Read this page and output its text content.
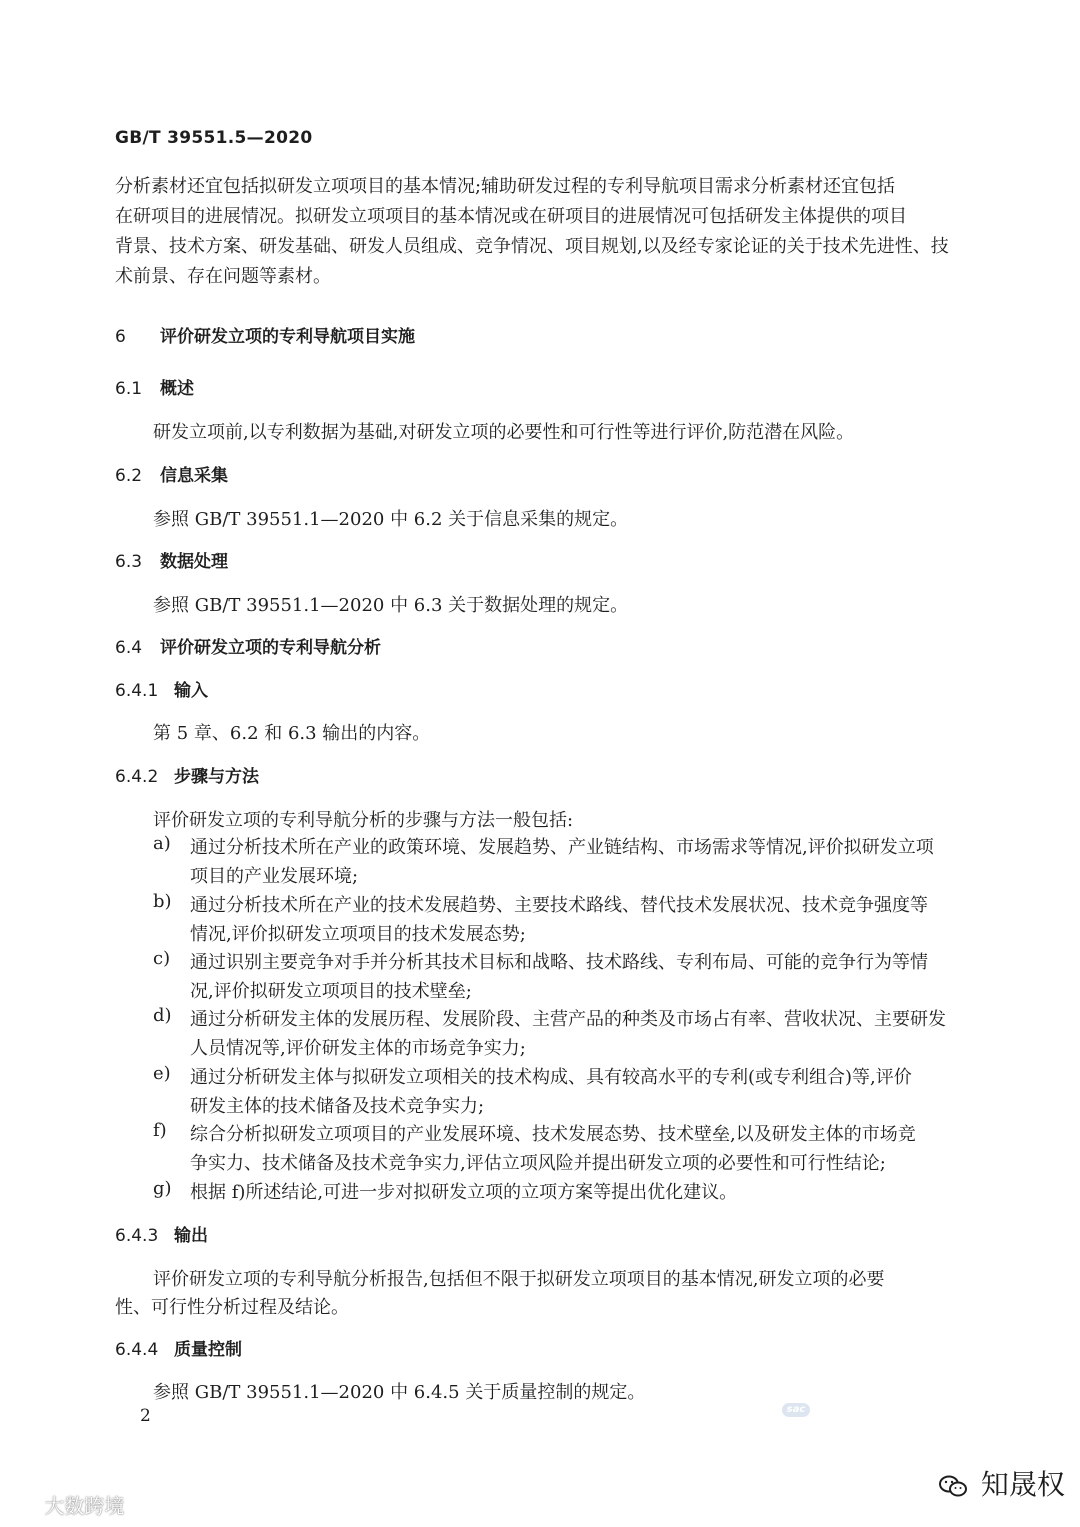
GB/T 39551.5—2020
分析素材还宜包括拟研发立项项目的基本情况;辅助研发过程的专利导航项目需求分析素材还宜包括
在研项目的进展情况。拟研发立项项目的基本情况或在研项目的进展情况可包括研发主体提供的项目
背景、技术方案、研发基础、研发人员组成、竞争情况、项目规划,以及经专家论证的关于技术先进性、技
术前景、存在问题等素材。
6 评价研发立项的专利导航项目实施
6.1 概述
研发立项前,以专利数据为基础,对研发立项的必要性和可行性等进行评价,防范潜在风险。
6.2 信息采集
参照 GB/T 39551.1—2020 中 6.2 关于信息采集的规定。
6.3 数据处理
参照 GB/T 39551.1—2020 中 6.3 关于数据处理的规定。
6.4 评价研发立项的专利导航分析
6.4.1 输入
第 5 章、6.2 和 6.3 输出的内容。
6.4.2 步骤与方法
评价研发立项的专利导航分析的步骤与方法一般包括:
a) 通过分析技术所在产业的政策环境、发展趋势、产业链结构、市场需求等情况,评价拟研发立项
项目的产业发展环境;
b) 通过分析技术所在产业的技术发展趋势、主要技术路线、替代技术发展状况、技术竞争强度等
情况,评价拟研发立项项目的技术发展态势;
c) 通过识别主要竞争对手并分析其技术目标和战略、技术路线、专利布局、可能的竞争行为等情
况,评价拟研发立项项目的技术壁垒;
d) 通过分析研发主体的发展历程、发展阶段、主营产品的种类及市场占有率、营收状况、主要研发
人员情况等,评价研发主体的市场竞争实力;
e) 通过分析研发主体与拟研发立项相关的技术构成、具有较高水平的专利(或专利组合)等,评价
研发主体的技术储备及技术竞争实力;
f) 综合分析拟研发立项项目的产业发展环境、技术发展态势、技术壁垒,以及研发主体的市场竞
争实力、技术储备及技术竞争实力,评估立项风险并提出研发立项的必要性和可行性结论;
g) 根据 f)所述结论,可进一步对拟研发立项的立项方案等提出优化建议。
6.4.3 输出
评价研发立项的专利导航分析报告,包括但不限于拟研发立项项目的基本情况,研发立项的必要
性、可行性分析过程及结论。
6.4.4 质量控制
参照 GB/T 39551.1—2020 中 6.4.5 关于质量控制的规定。
2	sac
大数跨境
知晟权
